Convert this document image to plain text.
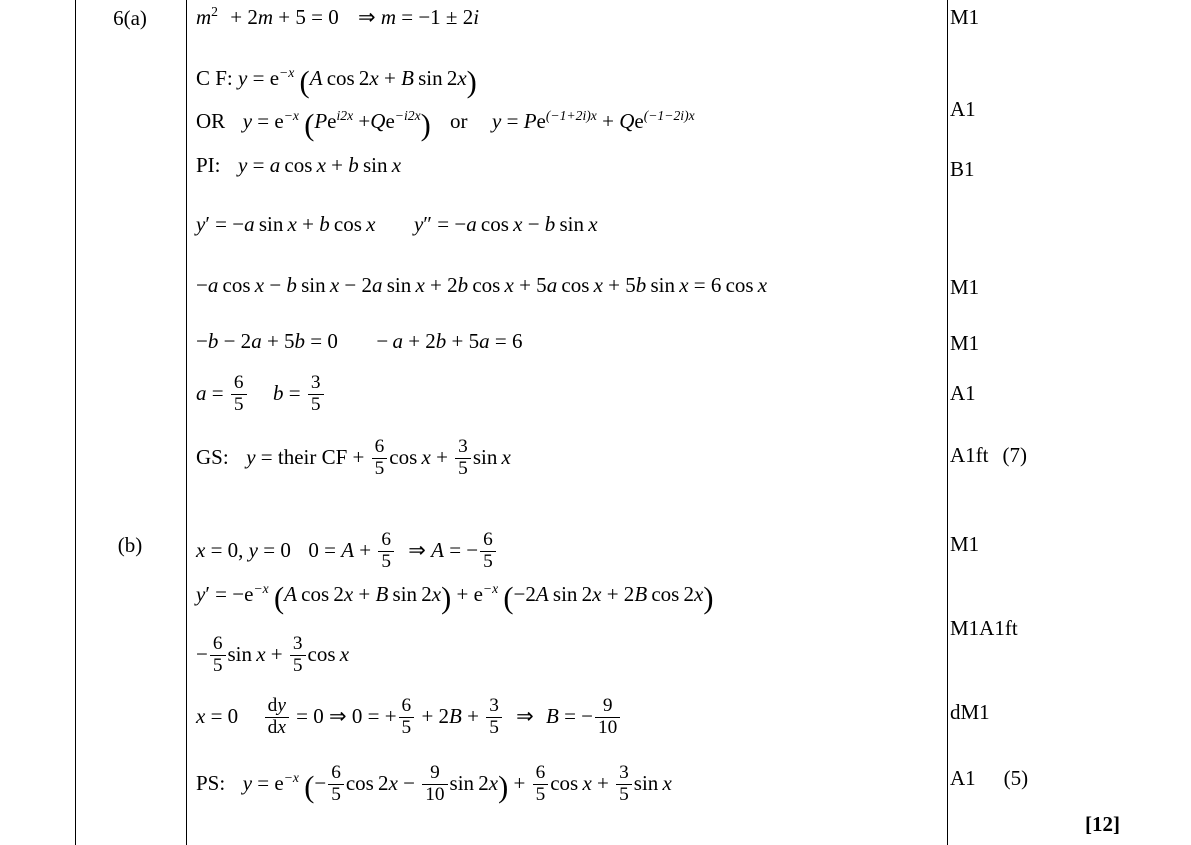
6(a)
(b)
$m^2 + 2m + 5 = 0$ ⇒ m = −1 ± 2i
C F: $y = e^{-x}$ (A cos 2x + B sin 2x)
OR  $y = e^{-x}$ $(Pe^{i2x} +Qe^{-i2x})$ or  $y = Pe^{(-1+2i)x} + Qe^{(-1-2i)x}$
PI:  y = a cos x + b sin x
y′ = −a sin x + b cos x y″ = −a cos x − b sin x
−a cos x − b sin x − 2a sin x + 2b cos x + 5a cos x + 5b sin x = 6 cos x
−b − 2a + 5b = 0  − a + 2b + 5a = 6
$a = \frac{6}{5}$ $b = \frac{3}{5}$
GS:  y = their CF + $\frac{6}{5}$ $\cos x + \frac{3}{5}$ sin x
x = 0, y = 0  $0 = A + \frac{6}{5}$ ⇒ A = − $\frac{6}{5}$
$y' = -e^{-x}$ (A cos 2x + B $\sin 2x) + e^{-x}$ (−2A sin 2x + 2B cos 2x)
− $\frac{6}{5}$ $\sin x + \frac{3}{5}$ cos x
$x = 0 \frac{dy}{dx} = 0$ ⇒ 0 = + $\frac{6}{5} + 2B + \frac{3}{5}$ ⇒ B = − $\frac{9}{10}$
PS:  $y = e^{-x}$ (− $\frac{6}{5}$ $\cos 2x - \frac{9}{10}$ $\sin 2x) + \frac{6}{5}$ $\cos x + \frac{3}{5}$ sin x
M1
A1
B1
M1
M1
A1
A1ft (7)
M1
M1A1ft
dM1
A1 (5)
[12]
